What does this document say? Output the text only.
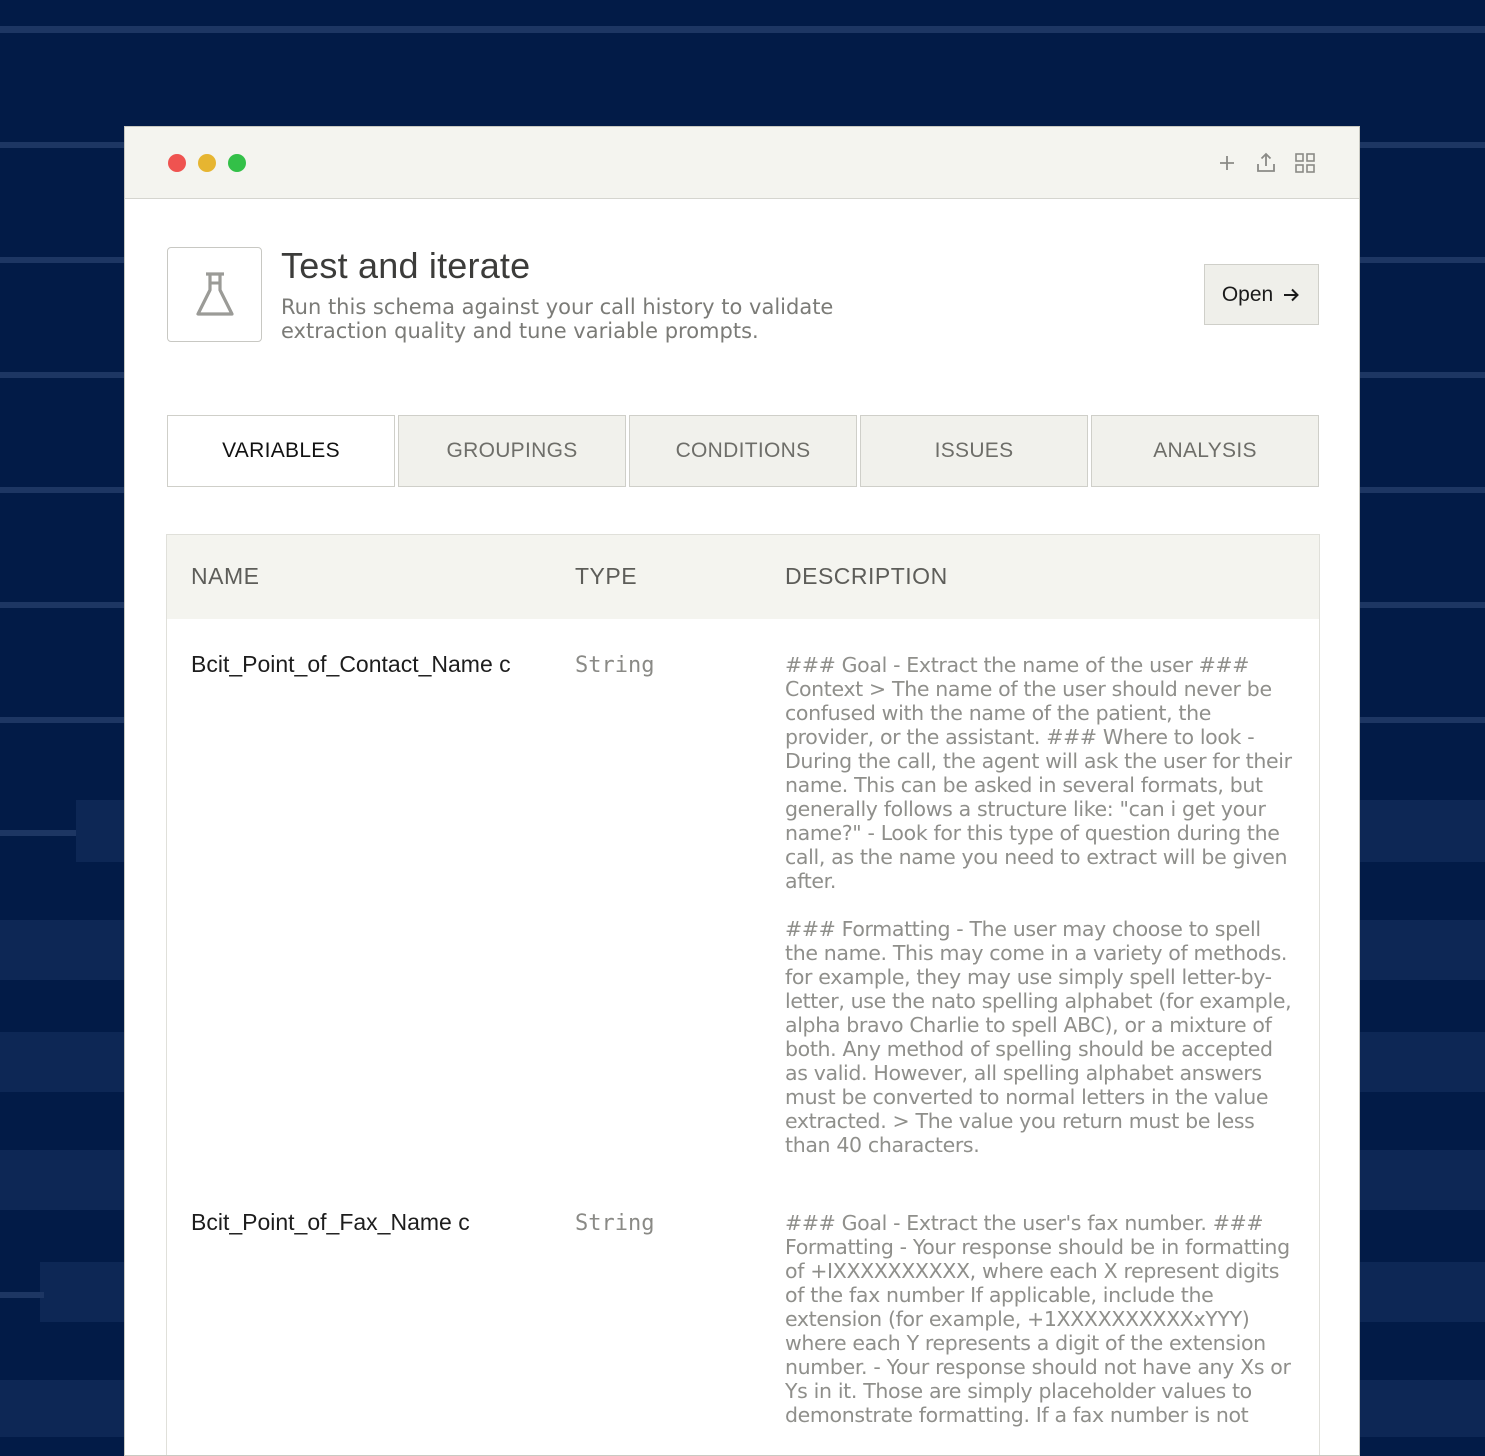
Test and iterate
Run this schema against your call history to validate extraction quality and tune variable prompts.
Open
VARIABLES	GROUPINGS	CONDITIONS	ISSUES	ANALYSIS
NAME	TYPE	DESCRIPTION
Bcit_Point_of_Contact_Name c	String	### Goal - Extract the name of the user ### Context > The name of the user should never be confused with the name of the patient, the provider, or the assistant. ### Where to look - During the call, the agent will ask the user for their name. This can be asked in several formats, but generally follows a structure like: "can i get your name?" - Look for this type of question during the call, as the name you need to extract will be given after.

### Formatting - The user may choose to spell the name. This may come in a variety of methods. for example, they may use simply spell letter-by-letter, use the nato spelling alphabet (for example, alpha bravo Charlie to spell ABC), or a mixture of both. Any method of spelling should be accepted as valid. However, all spelling alphabet answers must be converted to normal letters in the value extracted. > The value you return must be less than 40 characters.

Bcit_Point_of_Fax_Name c	String	### Goal - Extract the user's fax number. ### Formatting - Your response should be in formatting of +IXXXXXXXXXX, where each X represent digits of the fax number If applicable, include the extension (for example, +1XXXXXXXXXXxYYY) where each Y represents a digit of the extension number. - Your response should not have any Xs or Ys in it. Those are simply placeholder values to demonstrate formatting. If a fax number is not
